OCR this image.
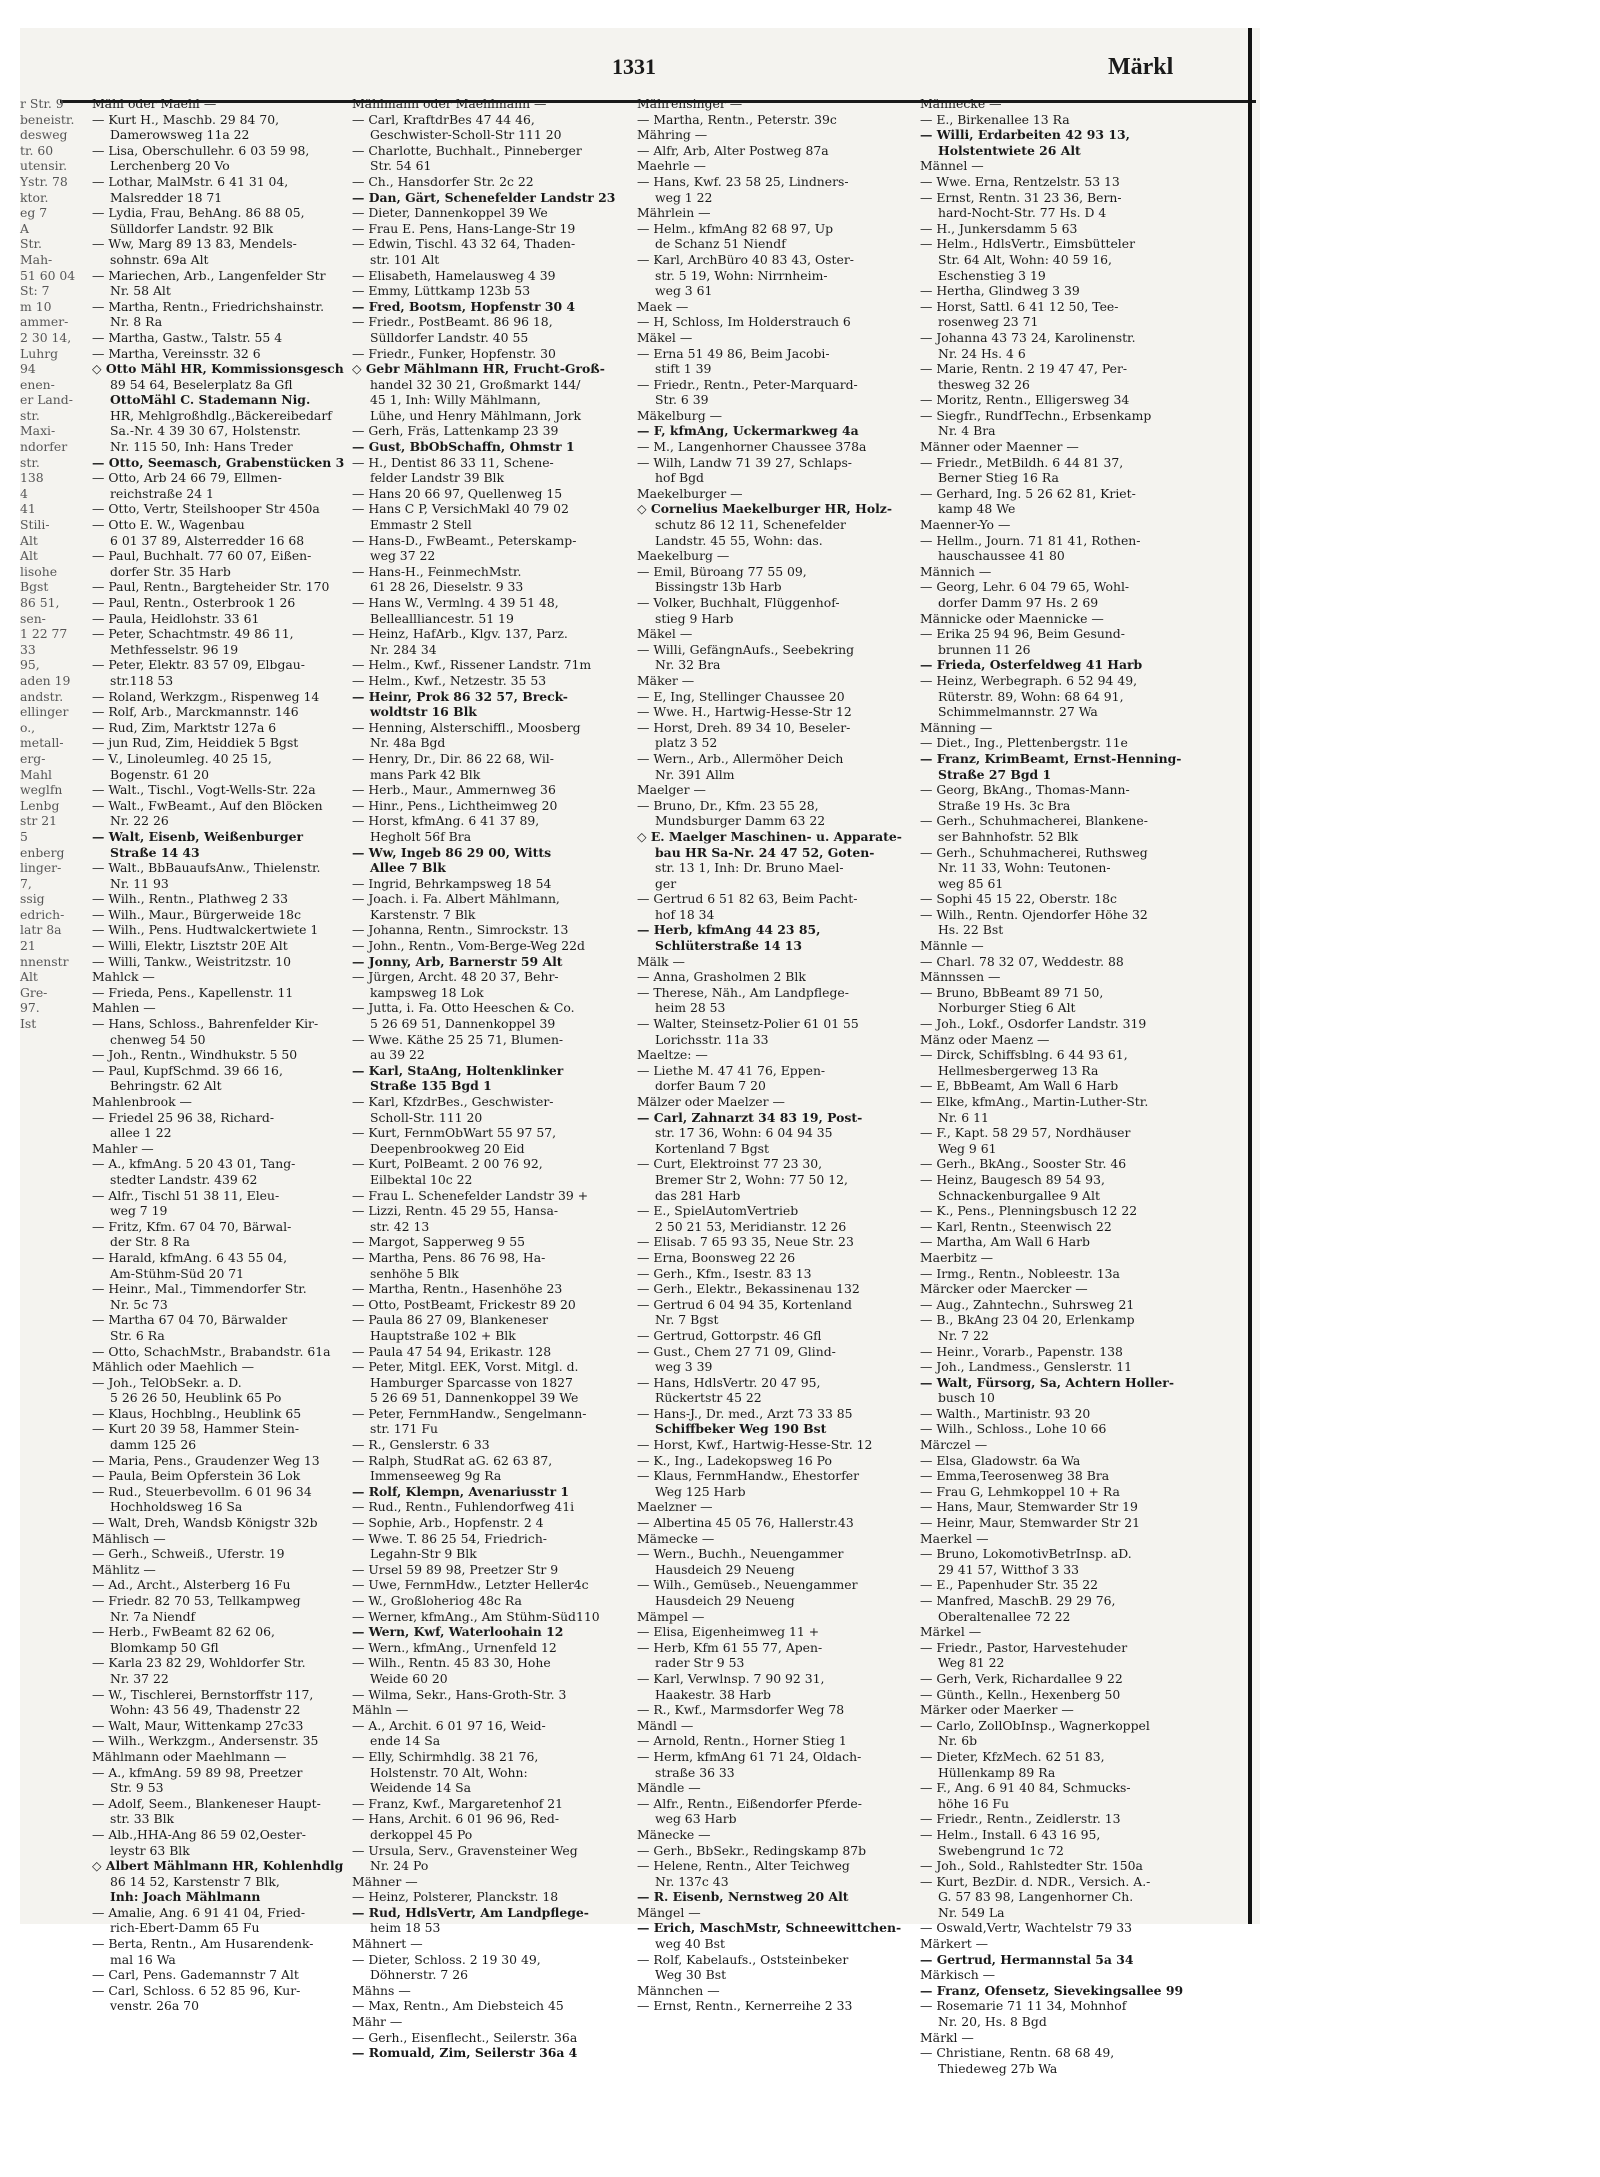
1331	Märkl
r Str. 9
beneistr.
desweg
tr. 60
utensir.
Ystr. 78
ktor.
eg 7
A
Str.
Mah-
51 60 04
St: 7
m 10
ammer-
2 30 14,
Luhrg
94
enen-
er Land-
str.
Maxi-
ndorfer
str.
138
4
41
Stili-
Alt
Alt
lisohe
Bgst
86 51,
sen-
1 22 77
33
95,
aden 19
andstr.
ellinger
o.,
metall-
erg-
Mahl
weglfn
Lenbg
str 21
5
enberg
linger-
7,
ssig
edrich-
latr 8a
21
nnenstr
Alt
Gre-
97.
Ist
Mähl oder Maehl —
— Kurt H., Maschb. 29 84 70,
Damerowsweg 11a 22
— Lisa, Oberschullehr. 6 03 59 98,
Lerchenberg 20 Vo
— Lothar, MalMstr. 6 41 31 04,
Malsredder 18 71
— Lydia, Frau, BehAng. 86 88 05,
Sülldorfer Landstr. 92 Blk
— Ww, Marg 89 13 83, Mendels-
sohnstr. 69a Alt
— Mariechen, Arb., Langenfelder Str
Nr. 58 Alt
— Martha, Rentn., Friedrichshainstr.
Nr. 8 Ra
— Martha, Gastw., Talstr. 55 4
— Martha, Vereinsstr. 32 6
◇ Otto Mähl HR, Kommissionsgesch
89 54 64, Beselerplatz 8a Gfl
OttoMähl C. Stademann Nig.
HR, Mehlgroßhdlg.,Bäckereibedarf
Sa.-Nr. 4 39 30 67, Holstenstr.
Nr. 115 50, Inh: Hans Treder
— Otto, Seemasch, Grabenstücken 3
— Otto, Arb 24 66 79, Ellmen-
reichstraße 24 1
— Otto, Vertr, Steilshooper Str 450a
— Otto E. W., Wagenbau
6 01 37 89, Alsterredder 16 68
— Paul, Buchhalt. 77 60 07, Eißen-
dorfer Str. 35 Harb
— Paul, Rentn., Bargteheider Str. 170
— Paul, Rentn., Osterbrook 1 26
— Paula, Heidlohstr. 33 61
— Peter, Schachtmstr. 49 86 11,
Methfesselstr. 96 19
— Peter, Elektr. 83 57 09, Elbgau-
str.118 53
— Roland, Werkzgm., Rispenweg 14
— Rolf, Arb., Marckmannstr. 146
— Rud, Zim, Marktstr 127a 6
— jun Rud, Zim, Heiddiek 5 Bgst
— V., Linoleumleg. 40 25 15,
Bogenstr. 61 20
— Walt., Tischl., Vogt-Wells-Str. 22a
— Walt., FwBeamt., Auf den Blöcken
Nr. 22 26
— Walt, Eisenb, Weißenburger
Straße 14 43
— Walt., BbBauaufsAnw., Thielenstr.
Nr. 11 93
— Wilh., Rentn., Plathweg 2 33
— Wilh., Maur., Bürgerweide 18c
— Wilh., Pens. Hudtwalckertwiete 1
— Willi, Elektr, Lisztstr 20E Alt
— Willi, Tankw., Weistritzstr. 10
Mahlck —
— Frieda, Pens., Kapellenstr. 11
Mahlen —
— Hans, Schloss., Bahrenfelder Kir-
chenweg 54 50
— Joh., Rentn., Windhukstr. 5 50
— Paul, KupfSchmd. 39 66 16,
Behringstr. 62 Alt
Mahlenbrook —
— Friedel 25 96 38, Richard-
allee 1 22
Mahler —
— A., kfmAng. 5 20 43 01, Tang-
stedter Landstr. 439 62
— Alfr., Tischl 51 38 11, Eleu-
weg 7 19
— Fritz, Kfm. 67 04 70, Bärwal-
der Str. 8 Ra
— Harald, kfmAng. 6 43 55 04,
Am-Stühm-Süd 20 71
— Heinr., Mal., Timmendorfer Str.
Nr. 5c 73
— Martha 67 04 70, Bärwalder
Str. 6 Ra
— Otto, SchachMstr., Brabandstr. 61a
Mählich oder Maehlich —
— Joh., TelObSekr. a. D.
5 26 26 50, Heublink 65 Po
— Klaus, Hochblng., Heublink 65
— Kurt 20 39 58, Hammer Stein-
damm 125 26
— Maria, Pens., Graudenzer Weg 13
— Paula, Beim Opferstein 36 Lok
— Rud., Steuerbevollm. 6 01 96 34
Hochholdsweg 16 Sa
— Walt, Dreh, Wandsb Königstr 32b
Mählisch —
— Gerh., Schweiß., Uferstr. 19
Mählitz —
— Ad., Archt., Alsterberg 16 Fu
— Friedr. 82 70 53, Tellkampweg
Nr. 7a Niendf
— Herb., FwBeamt 82 62 06,
Blomkamp 50 Gfl
— Karla 23 82 29, Wohldorfer Str.
Nr. 37 22
— W., Tischlerei, Bernstorffstr 117,
Wohn: 43 56 49, Thadenstr 22
— Walt, Maur, Wittenkamp 27c33
— Wilh., Werkzgm., Andersenstr. 35
Mählmann oder Maehlmann —
— A., kfmAng. 59 89 98, Preetzer
Str. 9 53
— Adolf, Seem., Blankeneser Haupt-
str. 33 Blk
— Alb.,HHA-Ang 86 59 02,Oester-
leystr 63 Blk
◇ Albert Mählmann HR, Kohlenhdlg
86 14 52, Karstenstr 7 Blk,
Inh: Joach Mählmann
— Amalie, Ang. 6 91 41 04, Fried-
rich-Ebert-Damm 65 Fu
— Berta, Rentn., Am Husarendenk-
mal 16 Wa
— Carl, Pens. Gademannstr 7 Alt
— Carl, Schloss. 6 52 85 96, Kur-
venstr. 26a 70
Mählmann oder Maehlmann —
— Carl, KraftdrBes 47 44 46,
Geschwister-Scholl-Str 111 20
— Charlotte, Buchhalt., Pinneberger
Str. 54 61
— Ch., Hansdorfer Str. 2c 22
— Dan, Gärt, Schenefelder Landstr 23
— Dieter, Dannenkoppel 39 We
— Frau E. Pens, Hans-Lange-Str 19
— Edwin, Tischl. 43 32 64, Thaden-
str. 101 Alt
— Elisabeth, Hamelausweg 4 39
— Emmy, Lüttkamp 123b 53
— Fred, Bootsm, Hopfenstr 30 4
— Friedr., PostBeamt. 86 96 18,
Sülldorfer Landstr. 40 55
— Friedr., Funker, Hopfenstr. 30
◇ Gebr Mählmann HR, Frucht-Groß-
handel 32 30 21, Großmarkt 144/
45 1, Inh: Willy Mählmann,
Lühe, und Henry Mählmann, Jork
— Gerh, Fräs, Lattenkamp 23 39
— Gust, BbObSchaffn, Ohmstr 1
— H., Dentist 86 33 11, Schene-
felder Landstr 39 Blk
— Hans 20 66 97, Quellenweg 15
— Hans C P, VersichMakl 40 79 02
Emmastr 2 Stell
— Hans-D., FwBeamt., Peterskamp-
weg 37 22
— Hans-H., FeinmechMstr.
61 28 26, Dieselstr. 9 33
— Hans W., Vermlng. 4 39 51 48,
Belleallliancestr. 51 19
— Heinz, HafArb., Klgv. 137, Parz.
Nr. 284 34
— Helm., Kwf., Rissener Landstr. 71m
— Helm., Kwf., Netzestr. 35 53
— Heinr, Prok 86 32 57, Breck-
woldtstr 16 Blk
— Henning, Alsterschiffl., Moosberg
Nr. 48a Bgd
— Henry, Dr., Dir. 86 22 68, Wil-
mans Park 42 Blk
— Herb., Maur., Ammernweg 36
— Hinr., Pens., Lichtheimweg 20
— Horst, kfmAng. 6 41 37 89,
Hegholt 56f Bra
— Ww, Ingeb 86 29 00, Witts
Allee 7 Blk
— Ingrid, Behrkampsweg 18 54
— Joach. i. Fa. Albert Mählmann,
Karstenstr. 7 Blk
— Johanna, Rentn., Simrockstr. 13
— John., Rentn., Vom-Berge-Weg 22d
— Jonny, Arb, Barnerstr 59 Alt
— Jürgen, Archt. 48 20 37, Behr-
kampsweg 18 Lok
— Jutta, i. Fa. Otto Heeschen & Co.
5 26 69 51, Dannenkoppel 39
— Wwe. Käthe 25 25 71, Blumen-
au 39 22
— Karl, StaAng, Holtenklinker
Straße 135 Bgd 1
— Karl, KfzdrBes., Geschwister-
Scholl-Str. 111 20
— Kurt, FernmObWart 55 97 57,
Deepenbrookweg 20 Eid
— Kurt, PolBeamt. 2 00 76 92,
Eilbektal 10c 22
— Frau L. Schenefelder Landstr 39 +
— Lizzi, Rentn. 45 29 55, Hansa-
str. 42 13
— Margot, Sapperweg 9 55
— Martha, Pens. 86 76 98, Ha-
senhöhe 5 Blk
— Martha, Rentn., Hasenhöhe 23
— Otto, PostBeamt, Frickestr 89 20
— Paula 86 27 09, Blankeneser
Hauptstraße 102 + Blk
— Paula 47 54 94, Erikastr. 128
— Peter, Mitgl. EEK, Vorst. Mitgl. d.
Hamburger Sparcasse von 1827
5 26 69 51, Dannenkoppel 39 We
— Peter, FernmHandw., Sengelmann-
str. 171 Fu
— R., Genslerstr. 6 33
— Ralph, StudRat aG. 62 63 87,
Immenseeweg 9g Ra
— Rolf, Klempn, Avenariusstr 1
— Rud., Rentn., Fuhlendorfweg 41i
— Sophie, Arb., Hopfenstr. 2 4
— Wwe. T. 86 25 54, Friedrich-
Legahn-Str 9 Blk
— Ursel 59 89 98, Preetzer Str 9
— Uwe, FernmHdw., Letzter Heller4c
— W., Großloheriog 48c Ra
— Werner, kfmAng., Am Stühm-Süd110
— Wern, Kwf, Waterloohain 12
— Wern., kfmAng., Urnenfeld 12
— Wilh., Rentn. 45 83 30, Hohe
Weide 60 20
— Wilma, Sekr., Hans-Groth-Str. 3
Mähln —
— A., Archit. 6 01 97 16, Weid-
ende 14 Sa
— Elly, Schirmhdlg. 38 21 76,
Holstenstr. 70 Alt, Wohn:
Weidende 14 Sa
— Franz, Kwf., Margaretenhof 21
— Hans, Archit. 6 01 96 96, Red-
derkoppel 45 Po
— Ursula, Serv., Gravensteiner Weg
Nr. 24 Po
Mähner —
— Heinz, Polsterer, Planckstr. 18
— Rud, HdlsVertr, Am Landpflege-
heim 18 53
Mähnert —
— Dieter, Schloss. 2 19 30 49,
Döhnerstr. 7 26
Mähns —
— Max, Rentn., Am Diebsteich 45
Mähr —
— Gerh., Eisenflecht., Seilerstr. 36a
— Romuald, Zim, Seilerstr 36a 4
Mährensinger —
— Martha, Rentn., Peterstr. 39c
Mähring —
— Alfr, Arb, Alter Postweg 87a
Maehrle —
— Hans, Kwf. 23 58 25, Lindners-
weg 1 22
Mährlein —
— Helm., kfmAng 82 68 97, Up
de Schanz 51 Niendf
— Karl, ArchBüro 40 83 43, Oster-
str. 5 19, Wohn: Nirrnheim-
weg 3 61
Maek —
— H, Schloss, Im Holderstrauch 6
Mäkel —
— Erna 51 49 86, Beim Jacobi-
stift 1 39
— Friedr., Rentn., Peter-Marquard-
Str. 6 39
Mäkelburg —
— F, kfmAng, Uckermarkweg 4a
— M., Langenhorner Chaussee 378a
— Wilh, Landw 71 39 27, Schlaps-
hof Bgd
Maekelburger —
◇ Cornelius Maekelburger HR, Holz-
schutz 86 12 11, Schenefelder
Landstr. 45 55, Wohn: das.
Maekelburg —
— Emil, Büroang 77 55 09,
Bissingstr 13b Harb
— Volker, Buchhalt, Flüggenhof-
stieg 9 Harb
Mäkel —
— Willi, GefängnAufs., Seebekring
Nr. 32 Bra
Mäker —
— E, Ing, Stellinger Chaussee 20
— Wwe. H., Hartwig-Hesse-Str 12
— Horst, Dreh. 89 34 10, Beseler-
platz 3 52
— Wern., Arb., Allermöher Deich
Nr. 391 Allm
Maelger —
— Bruno, Dr., Kfm. 23 55 28,
Mundsburger Damm 63 22
◇ E. Maelger Maschinen- u. Apparate-
bau HR Sa-Nr. 24 47 52, Goten-
str. 13 1, Inh: Dr. Bruno Mael-
ger
— Gertrud 6 51 82 63, Beim Pacht-
hof 18 34
— Herb, kfmAng 44 23 85,
Schlüterstraße 14 13
Mälk —
— Anna, Grasholmen 2 Blk
— Therese, Näh., Am Landpflege-
heim 28 53
— Walter, Steinsetz-Polier 61 01 55
Lorichsstr. 11a 33
Maeltze: —
— Liethe M. 47 41 76, Eppen-
dorfer Baum 7 20
Mälzer oder Maelzer —
— Carl, Zahnarzt 34 83 19, Post-
str. 17 36, Wohn: 6 04 94 35
Kortenland 7 Bgst
— Curt, Elektroinst 77 23 30,
Bremer Str 2, Wohn: 77 50 12,
das 281 Harb
— E., SpielAutomVertrieb
2 50 21 53, Meridianstr. 12 26
— Elisab. 7 65 93 35, Neue Str. 23
— Erna, Boonsweg 22 26
— Gerh., Kfm., Isestr. 83 13
— Gerh., Elektr., Bekassinenau 132
— Gertrud 6 04 94 35, Kortenland
Nr. 7 Bgst
— Gertrud, Gottorpstr. 46 Gfl
— Gust., Chem 27 71 09, Glind-
weg 3 39
— Hans, HdlsVertr. 20 47 95,
Rückertstr 45 22
— Hans-J., Dr. med., Arzt 73 33 85
Schiffbeker Weg 190 Bst
— Horst, Kwf., Hartwig-Hesse-Str. 12
— K., Ing., Ladekopsweg 16 Po
— Klaus, FernmHandw., Ehestorfer
Weg 125 Harb
Maelzner —
— Albertina 45 05 76, Hallerstr.43
Mämecke —
— Wern., Buchh., Neuengammer
Hausdeich 29 Neueng
— Wilh., Gemüseb., Neuengammer
Hausdeich 29 Neueng
Mämpel —
— Elisa, Eigenheimweg 11 +
— Herb, Kfm 61 55 77, Apen-
rader Str 9 53
— Karl, Verwlnsp. 7 90 92 31,
Haakestr. 38 Harb
— R., Kwf., Marmsdorfer Weg 78
Mändl —
— Arnold, Rentn., Horner Stieg 1
— Herm, kfmAng 61 71 24, Oldach-
straße 36 33
Mändle —
— Alfr., Rentn., Eißendorfer Pferde-
weg 63 Harb
Mänecke —
— Gerh., BbSekr., Redingskamp 87b
— Helene, Rentn., Alter Teichweg
Nr. 137c 43
— R. Eisenb, Nernstweg 20 Alt
Mängel —
— Erich, MaschMstr, Schneewittchen-
weg 40 Bst
— Rolf, Kabelaufs., Oststeinbeker
Weg 30 Bst
Männchen —
— Ernst, Rentn., Kernerreihe 2 33
Männecke —
— E., Birkenallee 13 Ra
— Willi, Erdarbeiten 42 93 13,
Holstentwiete 26 Alt
Männel —
— Wwe. Erna, Rentzelstr. 53 13
— Ernst, Rentn. 31 23 36, Bern-
hard-Nocht-Str. 77 Hs. D 4
— H., Junkersdamm 5 63
— Helm., HdlsVertr., Eimsbütteler
Str. 64 Alt, Wohn: 40 59 16,
Eschenstieg 3 19
— Hertha, Glindweg 3 39
— Horst, Sattl. 6 41 12 50, Tee-
rosenweg 23 71
— Johanna 43 73 24, Karolinenstr.
Nr. 24 Hs. 4 6
— Marie, Rentn. 2 19 47 47, Per-
thesweg 32 26
— Moritz, Rentn., Elligersweg 34
— Siegfr., RundfTechn., Erbsenkamp
Nr. 4 Bra
Männer oder Maenner —
— Friedr., MetBildh. 6 44 81 37,
Berner Stieg 16 Ra
— Gerhard, Ing. 5 26 62 81, Kriet-
kamp 48 We
Maenner-Yo —
— Hellm., Journ. 71 81 41, Rothen-
hauschaussee 41 80
Männich —
— Georg, Lehr. 6 04 79 65, Wohl-
dorfer Damm 97 Hs. 2 69
Männicke oder Maennicke —
— Erika 25 94 96, Beim Gesund-
brunnen 11 26
— Frieda, Osterfeldweg 41 Harb
— Heinz, Werbegraph. 6 52 94 49,
Rüterstr. 89, Wohn: 68 64 91,
Schimmelmannstr. 27 Wa
Männing —
— Diet., Ing., Plettenbergstr. 11e
— Franz, KrimBeamt, Ernst-Henning-
Straße 27 Bgd 1
— Georg, BkAng., Thomas-Mann-
Straße 19 Hs. 3c Bra
— Gerh., Schuhmacherei, Blankene-
ser Bahnhofstr. 52 Blk
— Gerh., Schuhmacherei, Ruthsweg
Nr. 11 33, Wohn: Teutonen-
weg 85 61
— Sophi 45 15 22, Oberstr. 18c
— Wilh., Rentn. Ojendorfer Höhe 32
Hs. 22 Bst
Männle —
— Charl. 78 32 07, Weddestr. 88
Männssen —
— Bruno, BbBeamt 89 71 50,
Norburger Stieg 6 Alt
— Joh., Lokf., Osdorfer Landstr. 319
Mänz oder Maenz —
— Dirck, Schiffsblng. 6 44 93 61,
Hellmesbergerweg 13 Ra
— E, BbBeamt, Am Wall 6 Harb
— Elke, kfmAng., Martin-Luther-Str.
Nr. 6 11
— F., Kapt. 58 29 57, Nordhäuser
Weg 9 61
— Gerh., BkAng., Sooster Str. 46
— Heinz, Baugesch 89 54 93,
Schnackenburgallee 9 Alt
— K., Pens., Plenningsbusch 12 22
— Karl, Rentn., Steenwisch 22
— Martha, Am Wall 6 Harb
Maerbitz —
— Irmg., Rentn., Nobleestr. 13a
Märcker oder Maercker —
— Aug., Zahntechn., Suhrsweg 21
— B., BkAng 23 04 20, Erlenkamp
Nr. 7 22
— Heinr., Vorarb., Papenstr. 138
— Joh., Landmess., Genslerstr. 11
— Walt, Fürsorg, Sa, Achtern Holler-
busch 10
— Walth., Martinistr. 93 20
— Wilh., Schloss., Lohe 10 66
Märczel —
— Elsa, Gladowstr. 6a Wa
— Emma,Teerosenweg 38 Bra
— Frau G, Lehmkoppel 10 + Ra
— Hans, Maur, Stemwarder Str 19
— Heinr, Maur, Stemwarder Str 21
Maerkel —
— Bruno, LokomotivBetrInsp. aD.
29 41 57, Witthof 3 33
— E., Papenhuder Str. 35 22
— Manfred, MaschB. 29 29 76,
Oberaltenallee 72 22
Märkel —
— Friedr., Pastor, Harvestehuder
Weg 81 22
— Gerh, Verk, Richardallee 9 22
— Günth., Kelln., Hexenberg 50
Märker oder Maerker —
— Carlo, ZollObInsp., Wagnerkoppel
Nr. 6b
— Dieter, KfzMech. 62 51 83,
Hüllenkamp 89 Ra
— F., Ang. 6 91 40 84, Schmucks-
höhe 16 Fu
— Friedr., Rentn., Zeidlerstr. 13
— Helm., Install. 6 43 16 95,
Swebengrund 1c 72
— Joh., Sold., Rahlstedter Str. 150a
— Kurt, BezDir. d. NDR., Versich. A.-
G. 57 83 98, Langenhorner Ch.
Nr. 549 La
— Oswald,Vertr, Wachtelstr 79 33
Märkert —
— Gertrud, Hermannstal 5a 34
Märkisch —
— Franz, Ofensetz, Sievekingsallee 99
— Rosemarie 71 11 34, Mohnhof
Nr. 20, Hs. 8 Bgd
Märkl —
— Christiane, Rentn. 68 68 49,
Thiedeweg 27b Wa
